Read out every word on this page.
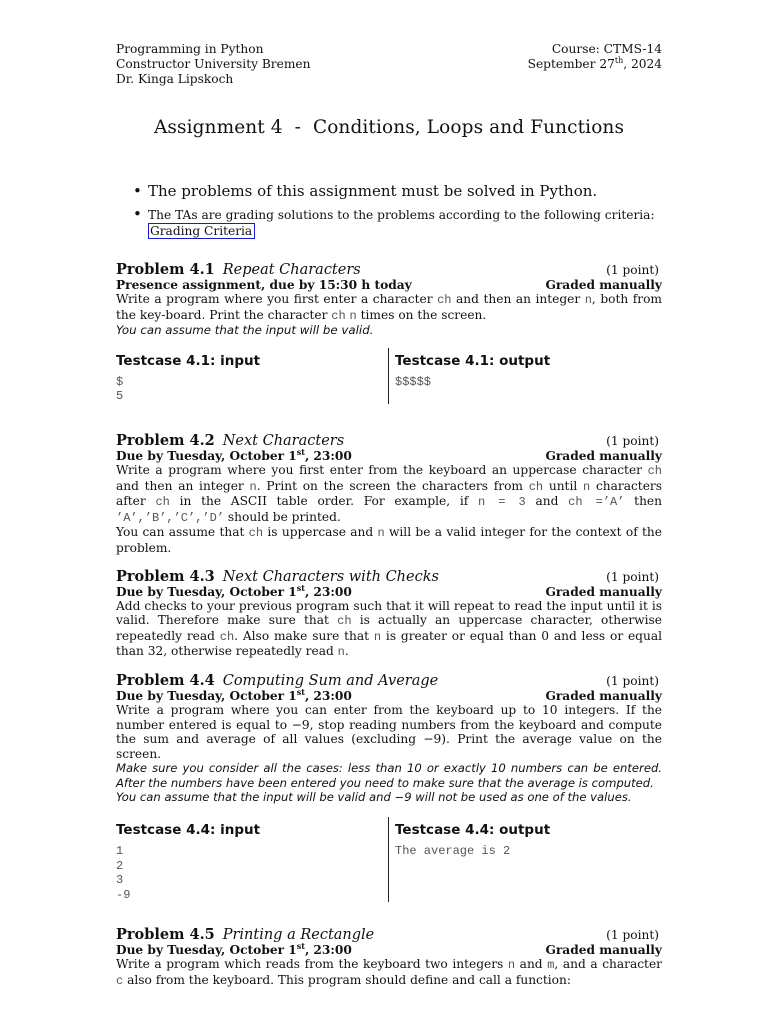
Programming in Python
Constructor University Bremen
Dr. Kinga Lipskoch
Course: CTMS-14
September 27th, 2024
Assignment 4  -  Conditions, Loops and Functions
• The problems of this assignment must be solved in Python.
• The TAs are grading solutions to the problems according to the following criteria:
Grading Criteria
Problem 4.1 Repeat Characters	(1 point)
Presence assignment, due by 15:30 h today	Graded manually

Write a program where you first enter a character ch and then an integer n, both from the key-board. Print the character ch n times on the screen.

You can assume that the input will be valid.

Testcase 4.1: input
$
5
Testcase 4.1: output
$$$$$
Problem 4.2 Next Characters	(1 point)
Due by Tuesday, October 1st, 23:00	Graded manually

Write a program where you first enter from the keyboard an uppercase character ch and then an integer n. Print on the screen the characters from ch until n characters after ch in the ASCII table order. For example, if n = 3 and ch =’A’ then ’A’,’B’,’C’,’D’ should be printed.

You can assume that ch is uppercase and n will be a valid integer for the context of the problem.

Problem 4.3 Next Characters with Checks	(1 point)
Due by Tuesday, October 1st, 23:00	Graded manually

Add checks to your previous program such that it will repeat to read the input until it is valid. Therefore make sure that ch is actually an uppercase character, otherwise repeatedly read ch. Also make sure that n is greater or equal than 0 and less or equal than 32, otherwise repeatedly read n.

Problem 4.4 Computing Sum and Average	(1 point)
Due by Tuesday, October 1st, 23:00	Graded manually

Write a program where you can enter from the keyboard up to 10 integers. If the number entered is equal to −9, stop reading numbers from the keyboard and compute the sum and average of all values (excluding −9). Print the average value on the screen.

Make sure you consider all the cases: less than 10 or exactly 10 numbers can be entered. After the numbers have been entered you need to make sure that the average is computed.

You can assume that the input will be valid and −9 will not be used as one of the values.

Testcase 4.4: input
1
2
3
-9
Testcase 4.4: output
The average is 2
Problem 4.5 Printing a Rectangle	(1 point)
Due by Tuesday, October 1st, 23:00	Graded manually

Write a program which reads from the keyboard two integers n and m, and a character c also from the keyboard. This program should define and call a function:
